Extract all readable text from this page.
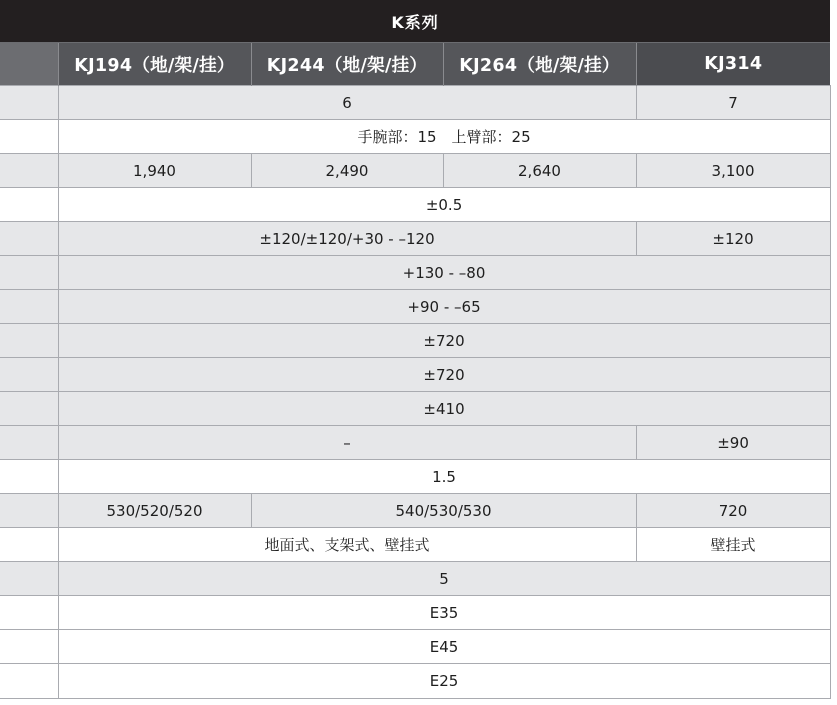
K系列				
	KJ194（地/架/挂）	KJ244（地/架/挂）	KJ264（地/架/挂）	KJ314
	6			7
	手腕部：15　上臂部：25			
	1,940	2,490	2,640	3,100
	±0.5			
	±120/±120/+30 - –120			±120
	+130 - –80			
	+90 - –65			
	±720			
	±720			
	±410			
	–			±90
	1.5			
	530/520/520	540/530/530		720
	地面式、支架式、壁挂式			壁挂式
	5			
	E35			
	E45			
	E25			
